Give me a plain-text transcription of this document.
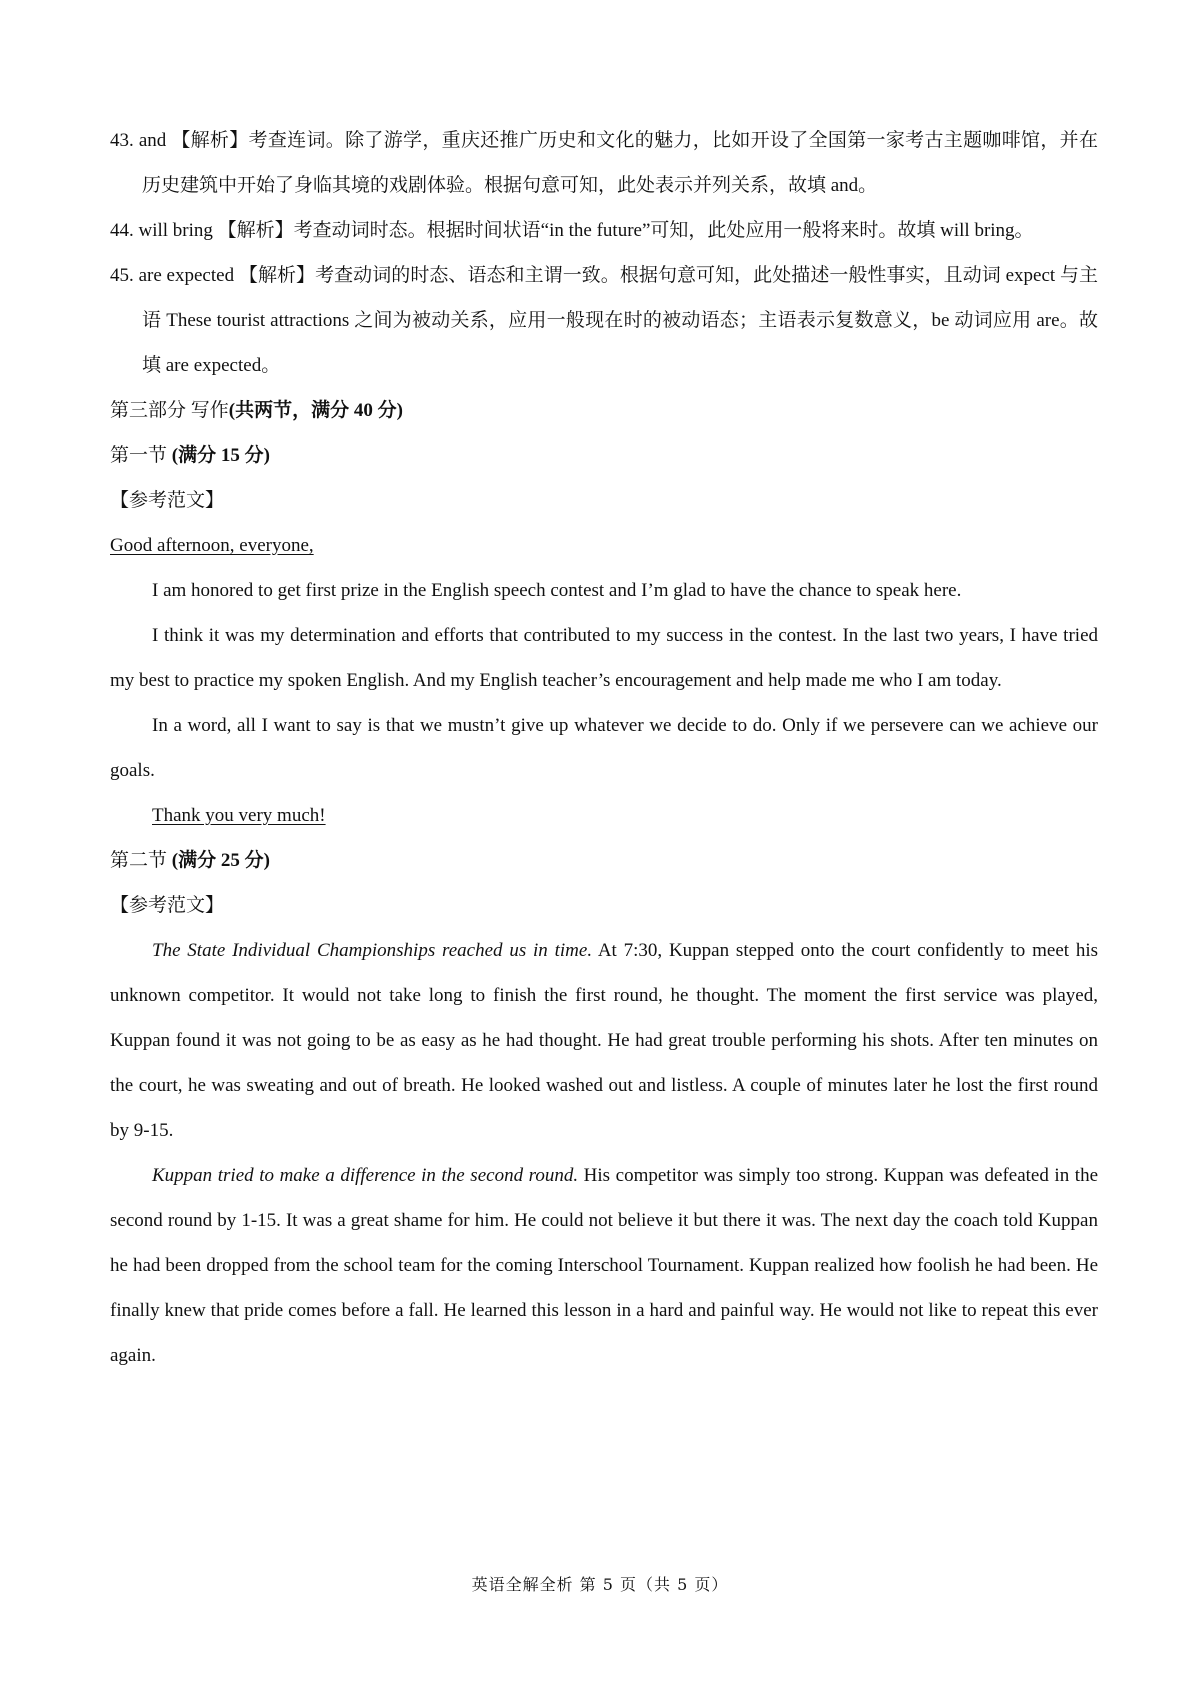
43. and 【解析】考查连词。除了游学，重庆还推广历史和文化的魅力，比如开设了全国第一家考古主题咖啡馆，并在历史建筑中开始了身临其境的戏剧体验。根据句意可知，此处表示并列关系，故填 and。

44. will bring 【解析】考查动词时态。根据时间状语“in the future”可知，此处应用一般将来时。故填 will bring。

45. are expected 【解析】考查动词的时态、语态和主谓一致。根据句意可知，此处描述一般性事实，且动词 expect 与主语 These tourist attractions 之间为被动关系，应用一般现在时的被动语态；主语表示复数意义，be 动词应用 are。故填 are expected。

第三部分 写作(共两节，满分 40 分)

第一节 (满分 15 分)

【参考范文】

Good afternoon, everyone,

I am honored to get first prize in the English speech contest and I’m glad to have the chance to speak here.

I think it was my determination and efforts that contributed to my success in the contest. In the last two years, I have tried my best to practice my spoken English. And my English teacher’s encouragement and help made me who I am today.

In a word, all I want to say is that we mustn’t give up whatever we decide to do. Only if we persevere can we achieve our goals.

Thank you very much!

第二节 (满分 25 分)

【参考范文】

The State Individual Championships reached us in time. At 7:30, Kuppan stepped onto the court confidently to meet his unknown competitor. It would not take long to finish the first round, he thought. The moment the first service was played, Kuppan found it was not going to be as easy as he had thought. He had great trouble performing his shots. After ten minutes on the court, he was sweating and out of breath. He looked washed out and listless. A couple of minutes later he lost the first round by 9-15.

Kuppan tried to make a difference in the second round. His competitor was simply too strong. Kuppan was defeated in the second round by 1-15. It was a great shame for him. He could not believe it but there it was. The next day the coach told Kuppan he had been dropped from the school team for the coming Interschool Tournament. Kuppan realized how foolish he had been. He finally knew that pride comes before a fall. He learned this lesson in a hard and painful way. He would not like to repeat this ever again.

英语全解全析 第 5 页（共 5 页）
